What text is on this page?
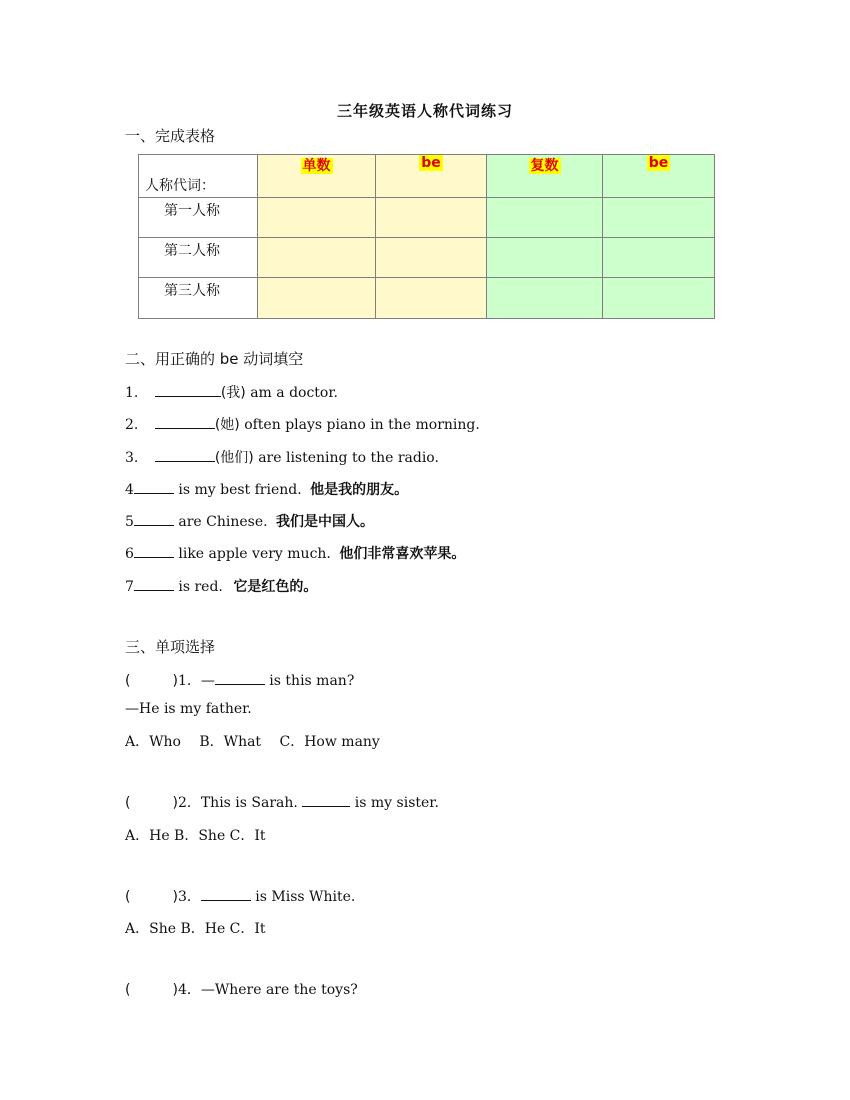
三年级英语人称代词练习
一、完成表格
人称代词：	单数	be	复数	be
第一人称				
第二人称				
第三人称				
二、用正确的 be 动词填空
1.	(我) am a doctor.
2.	(她) often plays piano in the morning.
3.	(他们) are listening to the radio.
4	is my best friend. 他是我的朋友。
5	are Chinese. 我们是中国人。
6	like apple very much. 他们非常喜欢苹果。
7	is red. 它是红色的。
三、单项选择
(　　　)1．—	is this man?
—He is my father.
A．Who　 B．What　 C．How many
(　　　)2．This is Sarah.	is my sister.
A．He B．She C．It
(　　　)3．	is Miss White.
A．She B．He C．It
(　　　)4．—Where are the toys?
